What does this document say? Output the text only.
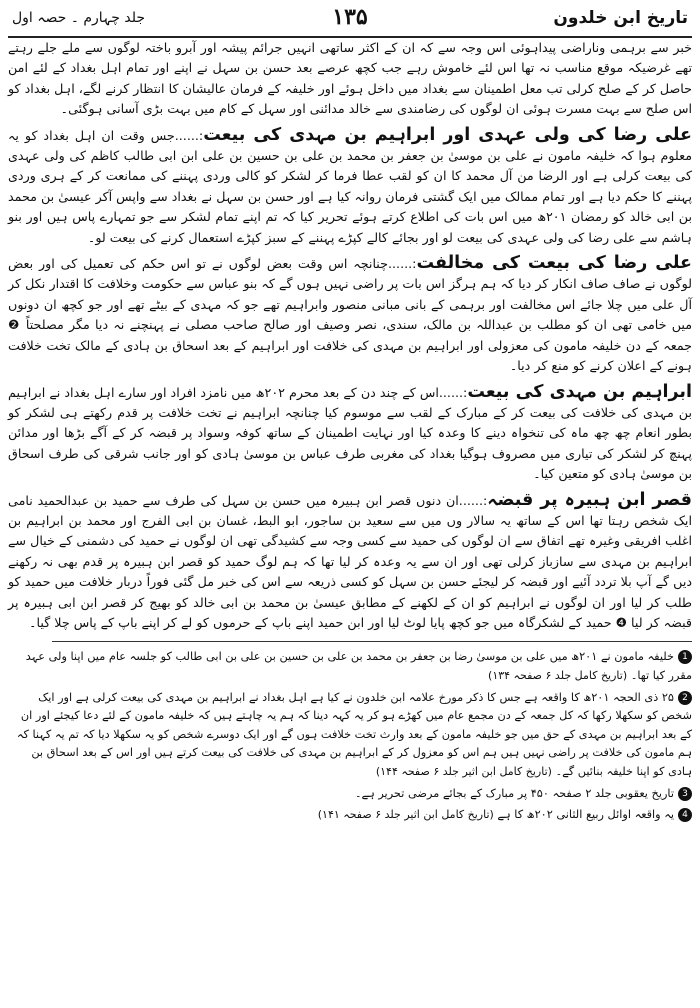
جلد چہارم ۔ حصہ اول	۱۳۵	تاریخ ابن خلدون

خبر سے برہمی وناراضی پیداہوئی اس وجہ سے کہ ان کے اکثر ساتھی انہیں جرائم پیشہ اور آبرو باختہ لوگوں سے ملے جلے رہتے تھے غرضیکہ موقع مناسب نہ تھا اس لئے خاموش رہے جب کچھ عرصے بعد حسن بن سہل نے اپنے اور تمام اہل بغداد کے لئے امن حاصل کر کے صلح کرلی تب معل اطمینان سے بغداد میں داخل ہوئے اور خلیفہ کے فرمان عالیشان کا انتظار کرنے لگے، اہل بغداد کو اس صلح سے بہت مسرت ہوئی ان لوگوں کی رضامندی سے خالد مدائنی اور سہل کے کام میں بہت بڑی آسانی ہوگئی۔

علی رضا کی ولی عہدی اور ابراہیم بن مہدی کی بیعت:......جس وقت ان اہل بغداد کو یہ معلوم ہوا کہ خلیفہ مامون نے علی بن موسیٰ بن جعفر بن محمد بن علی بن حسین بن علی ابن ابی طالب کاظم کی ولی عہدی کی بیعت کرلی ہے اور الرضا من آل محمد کا ان کو لقب عطا فرما کر لشکر کو کالی وردی پہننے کی ممانعت کر کے ہری وردی پہننے کا حکم دیا ہے اور تمام ممالک میں ایک گشتی فرمان روانہ کیا ہے اور حسن بن سہل نے بغداد سے واپس آکر عیسیٰ بن محمد بن ابی خالد کو رمضان ۲۰۱ھ میں اس بات کی اطلاع کرتے ہوئے تحریر کیا کہ تم اپنے تمام لشکر سے جو تمہارے پاس ہیں اور بنو ہاشم سے علی رضا کی ولی عہدی کی بیعت لو اور بجائے کالے کپڑے پہننے کے سبز کپڑے استعمال کرنے کی بیعت لو۔

علی رضا کی بیعت کی مخالفت:......چنانچہ اس وقت بعض لوگوں نے تو اس حکم کی تعمیل کی اور بعض لوگوں نے صاف صاف انکار کر دیا کہ ہم ہرگز اس بات پر راضی نہیں ہوں گے کہ بنو عباس سے حکومت وخلافت کا اقتدار نکل کر آل علی میں چلا جائے اس مخالفت اور برہمی کے بانی مبانی منصور وابراہیم تھے جو کہ مہدی کے بیٹے تھے اور جو کچھ ان دونوں میں خامی تھی ان کو مطلب بن عبداللہ بن مالک، سندی، نصر وصیف اور صالح صاحب مصلی نے پہنچنے نہ دیا مگر مصلحتاً ❷ جمعہ کے دن خلیفہ مامون کی معزولی اور ابراہیم بن مہدی کی خلافت اور ابراہیم کے بعد اسحاق بن ہادی کے مالک تخت خلافت ہونے کے اعلان کرنے کو منع کر دیا۔

ابراہیم بن مہدی کی بیعت:......اس کے چند دن کے بعد محرم ۲۰۲ھ میں نامزد افراد اور سارے اہل بغداد نے ابراہیم بن مہدی کی خلافت کی بیعت کر کے مبارک کے لقب سے موسوم کیا چنانچہ ابراہیم نے تخت خلافت پر قدم رکھتے ہی لشکر کو بطور انعام چھ چھ ماہ کی تنخواہ دینے کا وعدہ کیا اور نہایت اطمینان کے ساتھ کوفہ وسواد پر قبضہ کر کے آگے بڑھا اور مدائن پہنچ کر لشکر کی تیاری میں مصروف ہوگیا بغداد کی مغربی طرف عباس بن موسیٰ ہادی کو اور جانب شرقی کی طرف اسحاق بن موسیٰ ہادی کو متعین کیا۔

قصر ابن ہبیرہ پر قبضہ:......ان دنوں قصر ابن ہبیرہ میں حسن بن سہل کی طرف سے حمید بن عبدالحمید نامی ایک شخص رہتا تھا اس کے ساتھ یہ سالار وں میں سے سعید بن ساجور، ابو البط، غسان بن ابی الفرج اور محمد بن ابراہیم بن اغلب افریقی وغیرہ تھے اتفاق سے ان لوگوں کی حمید سے کسی وجہ سے کشیدگی تھی ان لوگوں نے حمید کی دشمنی کے خیال سے ابراہیم بن مہدی سے سازباز کرلی تھی اور ان سے یہ وعدہ کر لیا تھا کہ ہم لوگ حمید کو قصر ابن ہبیرہ پر قدم بھی نہ رکھنے دیں گے آپ بلا تردد آئیے اور قبضہ کر لیجئے حسن بن سہل کو کسی ذریعہ سے اس کی خبر مل گئی فوراً دربار خلافت میں حمید کو طلب کر لیا اور ان لوگوں نے ابراہیم کو ان کے لکھنے کے مطابق عیسیٰ بن محمد بن ابی خالد کو بھیج کر قصر ابن ابی ہبیرہ پر قبضہ کر لیا ❹ حمید کے لشکرگاہ میں جو کچھ پایا لوٹ لیا اور ابن حمید اپنے باپ کے حرموں کو لے کر اپنے باپ کے پاس چلا گیا۔

1خلیفہ مامون نے ۲۰۱ھ میں علی بن موسیٰ رضا بن جعفر بن محمد بن علی بن حسین بن علی بن ابی طالب کو جلسہ عام میں اپنا ولی عہد مقرر کیا تھا۔ (تاریخ کامل جلد ۶ صفحہ ۱۳۴)
2۲۵ ذی الحجہ ۲۰۱ھ کا واقعہ ہے جس کا ذکر مورخ علامہ ابن خلدون نے کیا ہے اہل بغداد نے ابراہیم بن مہدی کی بیعت کرلی ہے اور ایک شخص کو سکھلا رکھا کہ کل جمعہ کے دن مجمع عام میں کھڑے ہو کر یہ کہہ دینا کہ ہم یہ چاہتے ہیں کہ خلیفہ مامون کے لئے دعا کیجئے اور ان کے بعد ابراہیم بن مہدی کے حق میں جو خلیفہ مامون کے بعد وارث تخت خلافت ہوں گے اور ایک دوسرے شخص کو یہ سکھلا دیا کہ تم یہ کہنا کہ ہم مامون کی خلافت پر راضی نہیں ہیں ہم اس کو معزول کر کے ابراہیم بن مہدی کی خلافت کی بیعت کرتے ہیں اور اس کے بعد اسحاق بن ہادی کو اپنا خلیفہ بنائیں گے۔ (تاریخ کامل ابن اثیر جلد ۶ صفحہ ۱۴۴)
3تاریخ یعقوبی جلد ۲ صفحہ ۴۵۰ پر مبارک کے بجائے مرضی تحریر ہے۔
4یہ واقعہ اوائل ربیع الثانی ۲۰۲ھ کا ہے (تاریخ کامل ابن اثیر جلد ۶ صفحہ ۱۴۱)
